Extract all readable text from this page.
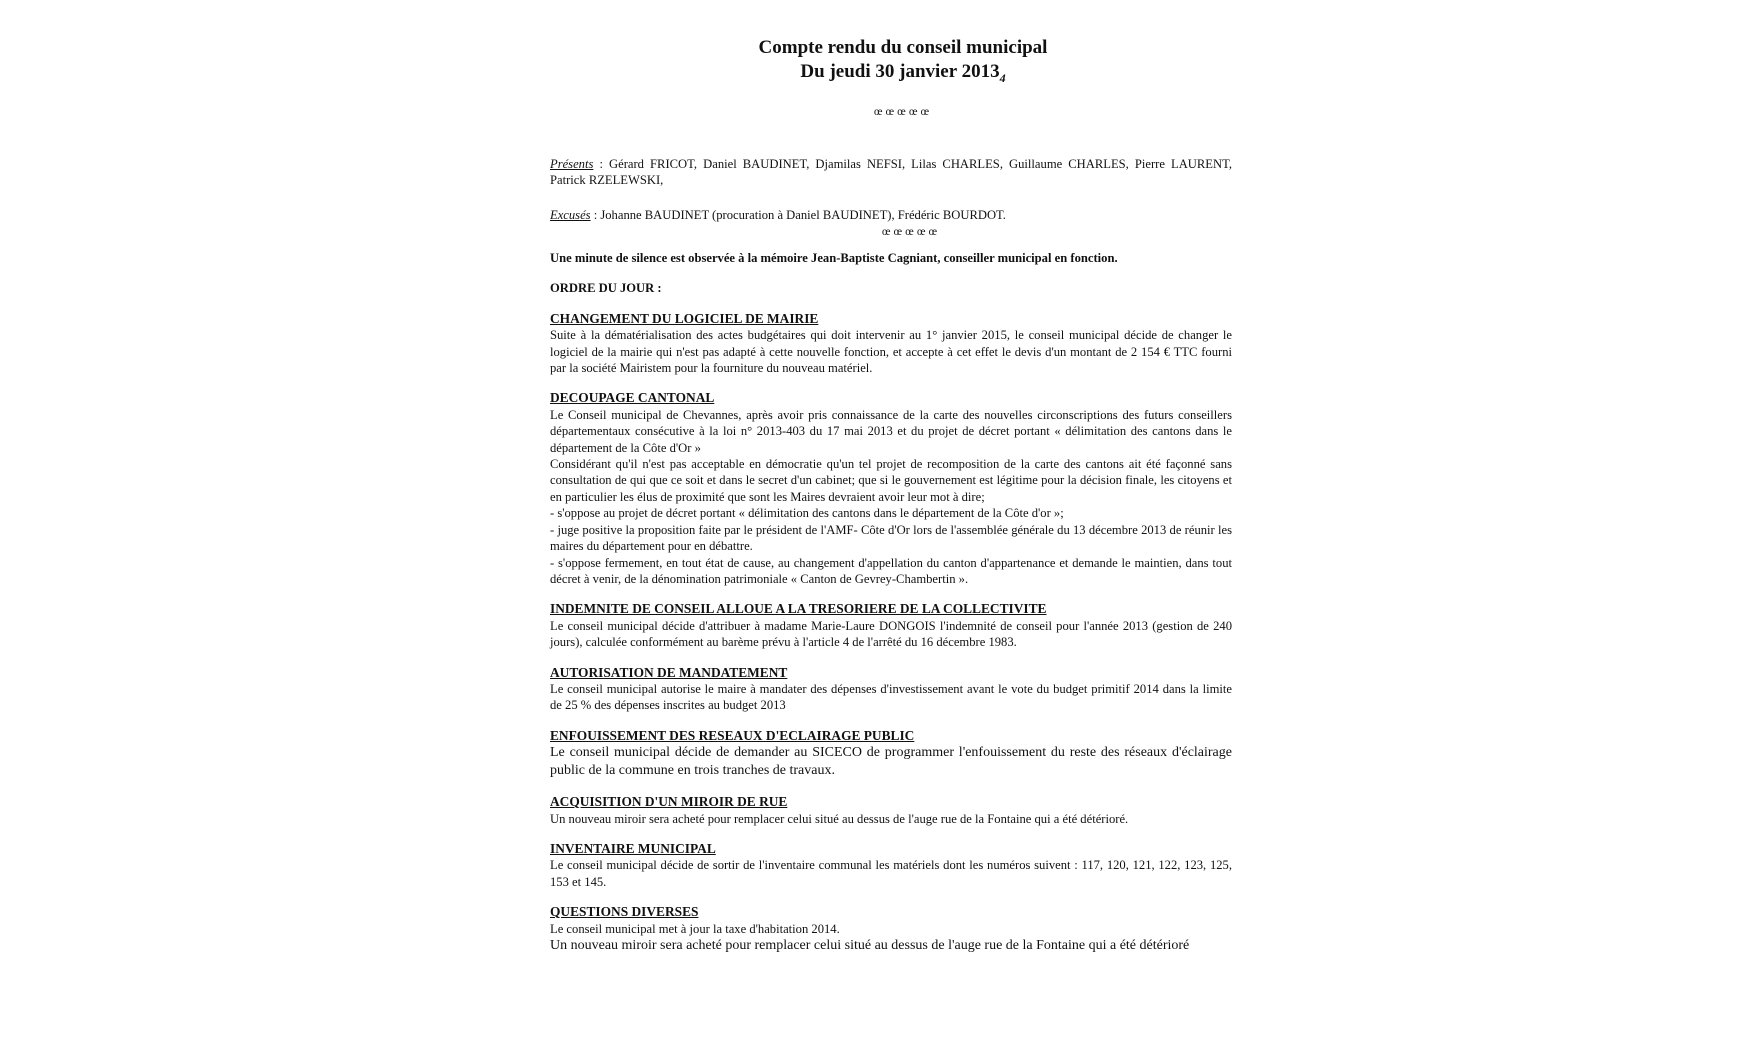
Compte rendu du conseil municipal
Du jeudi 30 janvier $2013_4$
œœœœœ
Présents : Gérard FRICOT, Daniel BAUDINET, Djamilas NEFSI, Lilas CHARLES, Guillaume CHARLES, Pierre LAURENT, Patrick RZELEWSKI,
Excusés : Johanne BAUDINET (procuration à Daniel BAUDINET), Frédéric BOURDOT.
œœœœœ
Une minute de silence est observée à la mémoire Jean-Baptiste Cagniant, conseiller municipal en fonction.
ORDRE DU JOUR :
CHANGEMENT DU LOGICIEL DE MAIRIE

Suite à la dématérialisation des actes budgétaires qui doit intervenir au 1° janvier 2015, le conseil municipal décide de changer le logiciel de la mairie qui n'est pas adapté à cette nouvelle fonction, et accepte à cet effet le devis d'un montant de 2 154 € TTC fourni par la société Mairistem pour la fourniture du nouveau matériel.

DECOUPAGE CANTONAL

Le Conseil municipal de Chevannes, après avoir pris connaissance de la carte des nouvelles circonscriptions des futurs conseillers départementaux consécutive à la loi n° 2013-403 du 17 mai 2013 et du projet de décret portant « délimitation des cantons dans le département de la Côte d'Or »

Considérant qu'il n'est pas acceptable en démocratie qu'un tel projet de recomposition de la carte des cantons ait été façonné sans consultation de qui que ce soit et dans le secret d'un cabinet; que si le gouvernement est légitime pour la décision finale, les citoyens et en particulier les élus de proximité que sont les Maires devraient avoir leur mot à dire;

- s'oppose au projet de décret portant « délimitation des cantons dans le département de la Côte d'or »;

- juge positive la proposition faite par le président de l'AMF- Côte d'Or lors de l'assemblée générale du 13 décembre 2013 de réunir les maires du département pour en débattre.

- s'oppose fermement, en tout état de cause, au changement d'appellation du canton d'appartenance et demande le maintien, dans tout décret à venir, de la dénomination patrimoniale « Canton de Gevrey-Chambertin ».

INDEMNITE DE CONSEIL ALLOUE A LA TRESORIERE DE LA COLLECTIVITE

Le conseil municipal décide d'attribuer à madame Marie-Laure DONGOIS l'indemnité de conseil pour l'année 2013 (gestion de 240 jours), calculée conformément au barème prévu à l'article 4 de l'arrêté du 16 décembre 1983.

AUTORISATION DE MANDATEMENT

Le conseil municipal autorise le maire à mandater des dépenses d'investissement avant le vote du budget primitif 2014 dans la limite de 25 % des dépenses inscrites au budget 2013

ENFOUISSEMENT DES RESEAUX D'ECLAIRAGE PUBLIC

Le conseil municipal décide de demander au SICECO de programmer l'enfouissement du reste des réseaux d'éclairage public de la commune en trois tranches de travaux.

ACQUISITION D'UN MIROIR DE RUE

Un nouveau miroir sera acheté pour remplacer celui situé au dessus de l'auge rue de la Fontaine qui a été détérioré.

INVENTAIRE MUNICIPAL

Le conseil municipal décide de sortir de l'inventaire communal les matériels dont les numéros suivent : 117, 120, 121, 122, 123, 125, 153 et 145.

QUESTIONS DIVERSES

Le conseil municipal met à jour la taxe d'habitation 2014.

Un nouveau miroir sera acheté pour remplacer celui situé au dessus de l'auge rue de la Fontaine qui a été détérioré
